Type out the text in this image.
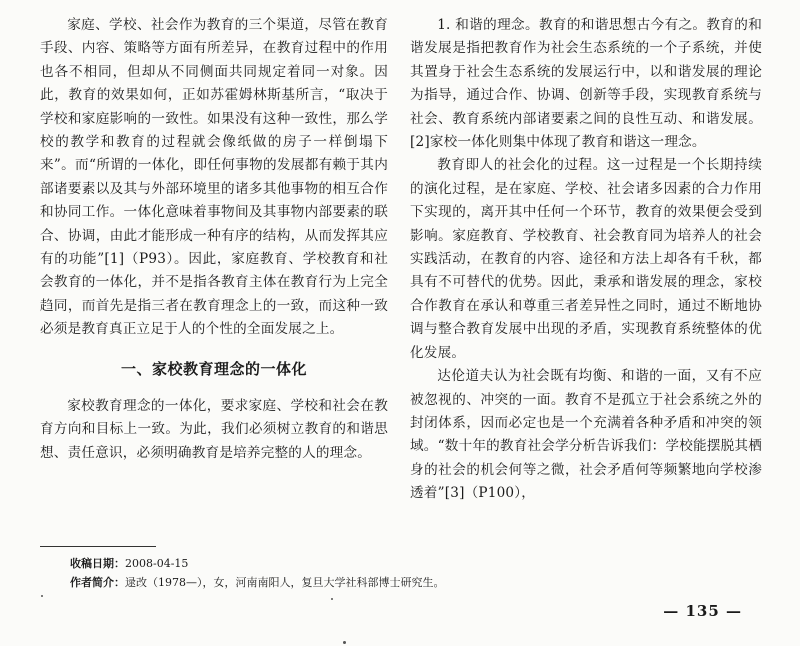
家庭、学校、社会作为教育的三个渠道，尽管在教育手段、内容、策略等方面有所差异，在教育过程中的作用也各不相同，但却从不同侧面共同规定着同一对象。因此，教育的效果如何，正如苏霍姆林斯基所言，“取决于学校和家庭影响的一致性。如果没有这种一致性，那么学校的教学和教育的过程就会像纸做的房子一样倒塌下来”。而“所谓的一体化，即任何事物的发展都有赖于其内部诸要素以及其与外部环境里的诸多其他事物的相互合作和协同工作。一体化意味着事物间及其事物内部要素的联合、协调，由此才能形成一种有序的结构，从而发挥其应有的功能”[1]（P93）。因此，家庭教育、学校教育和社会教育的一体化，并不是指各教育主体在教育行为上完全趋同，而首先是指三者在教育理念上的一致，而这种一致必须是教育真正立足于人的个性的全面发展之上。

一、家校教育理念的一体化

家校教育理念的一体化，要求家庭、学校和社会在教育方向和目标上一致。为此，我们必须树立教育的和谐思想、责任意识，必须明确教育是培养完整的人的理念。

1. 和谐的理念。教育的和谐思想古今有之。教育的和谐发展是指把教育作为社会生态系统的一个子系统，并使其置身于社会生态系统的发展运行中，以和谐发展的理论为指导，通过合作、协调、创新等手段，实现教育系统与社会、教育系统内部诸要素之间的良性互动、和谐发展。[2]家校一体化则集中体现了教育和谐这一理念。

教育即人的社会化的过程。这一过程是一个长期持续的演化过程，是在家庭、学校、社会诸多因素的合力作用下实现的，离开其中任何一个环节，教育的效果便会受到影响。家庭教育、学校教育、社会教育同为培养人的社会实践活动，在教育的内容、途径和方法上却各有千秋，都具有不可替代的优势。因此，秉承和谐发展的理念，家校合作教育在承认和尊重三者差异性之同时，通过不断地协调与整合教育发展中出现的矛盾，实现教育系统整体的优化发展。

达伦道夫认为社会既有均衡、和谐的一面，又有不应被忽视的、冲突的一面。教育不是孤立于社会系统之外的封闭体系，因而必定也是一个充满着各种矛盾和冲突的领域。“数十年的教育社会学分析告诉我们：学校能摆脱其栖身的社会的机会何等之微，社会矛盾何等频繁地向学校渗透着”[3]（P100），

收稿日期：2008-04-15
作者简介：逯改（1978—），女，河南南阳人，复旦大学社科部博士研究生。
— 135 —
